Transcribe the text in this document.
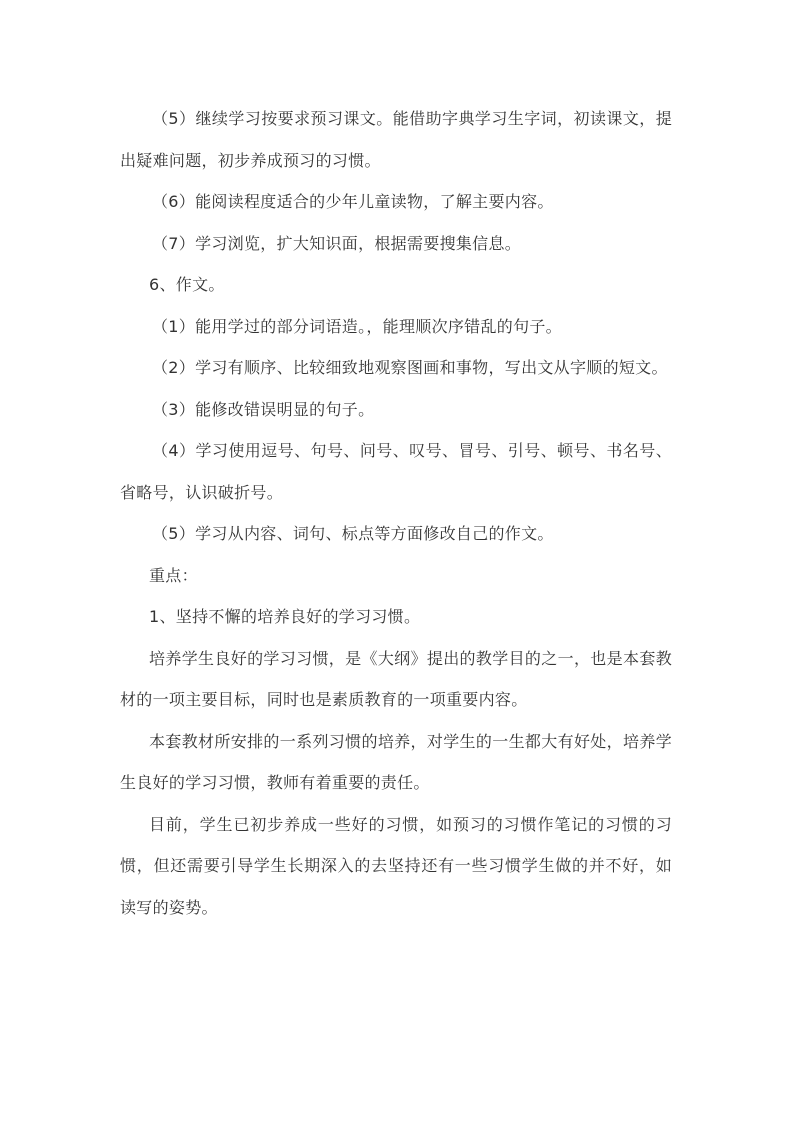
（5）继续学习按要求预习课文。能借助字典学习生字词，初读课文，提出疑难问题，初步养成预习的习惯。

（6）能阅读程度适合的少年儿童读物，了解主要内容。

（7）学习浏览，扩大知识面，根据需要搜集信息。

6、作文。

（1）能用学过的部分词语造。，能理顺次序错乱的句子。

（2）学习有顺序、比较细致地观察图画和事物，写出文从字顺的短文。

（3）能修改错误明显的句子。

（4）学习使用逗号、句号、问号、叹号、冒号、引号、顿号、书名号、省略号，认识破折号。

（5）学习从内容、词句、标点等方面修改自己的作文。

重点：

1、坚持不懈的培养良好的学习习惯。

培养学生良好的学习习惯，是《大纲》提出的教学目的之一，也是本套教材的一项主要目标，同时也是素质教育的一项重要内容。

本套教材所安排的一系列习惯的培养，对学生的一生都大有好处，培养学生良好的学习习惯，教师有着重要的责任。

目前，学生已初步养成一些好的习惯，如预习的习惯作笔记的习惯的习惯，但还需要引导学生长期深入的去坚持还有一些习惯学生做的并不好，如读写的姿势。
